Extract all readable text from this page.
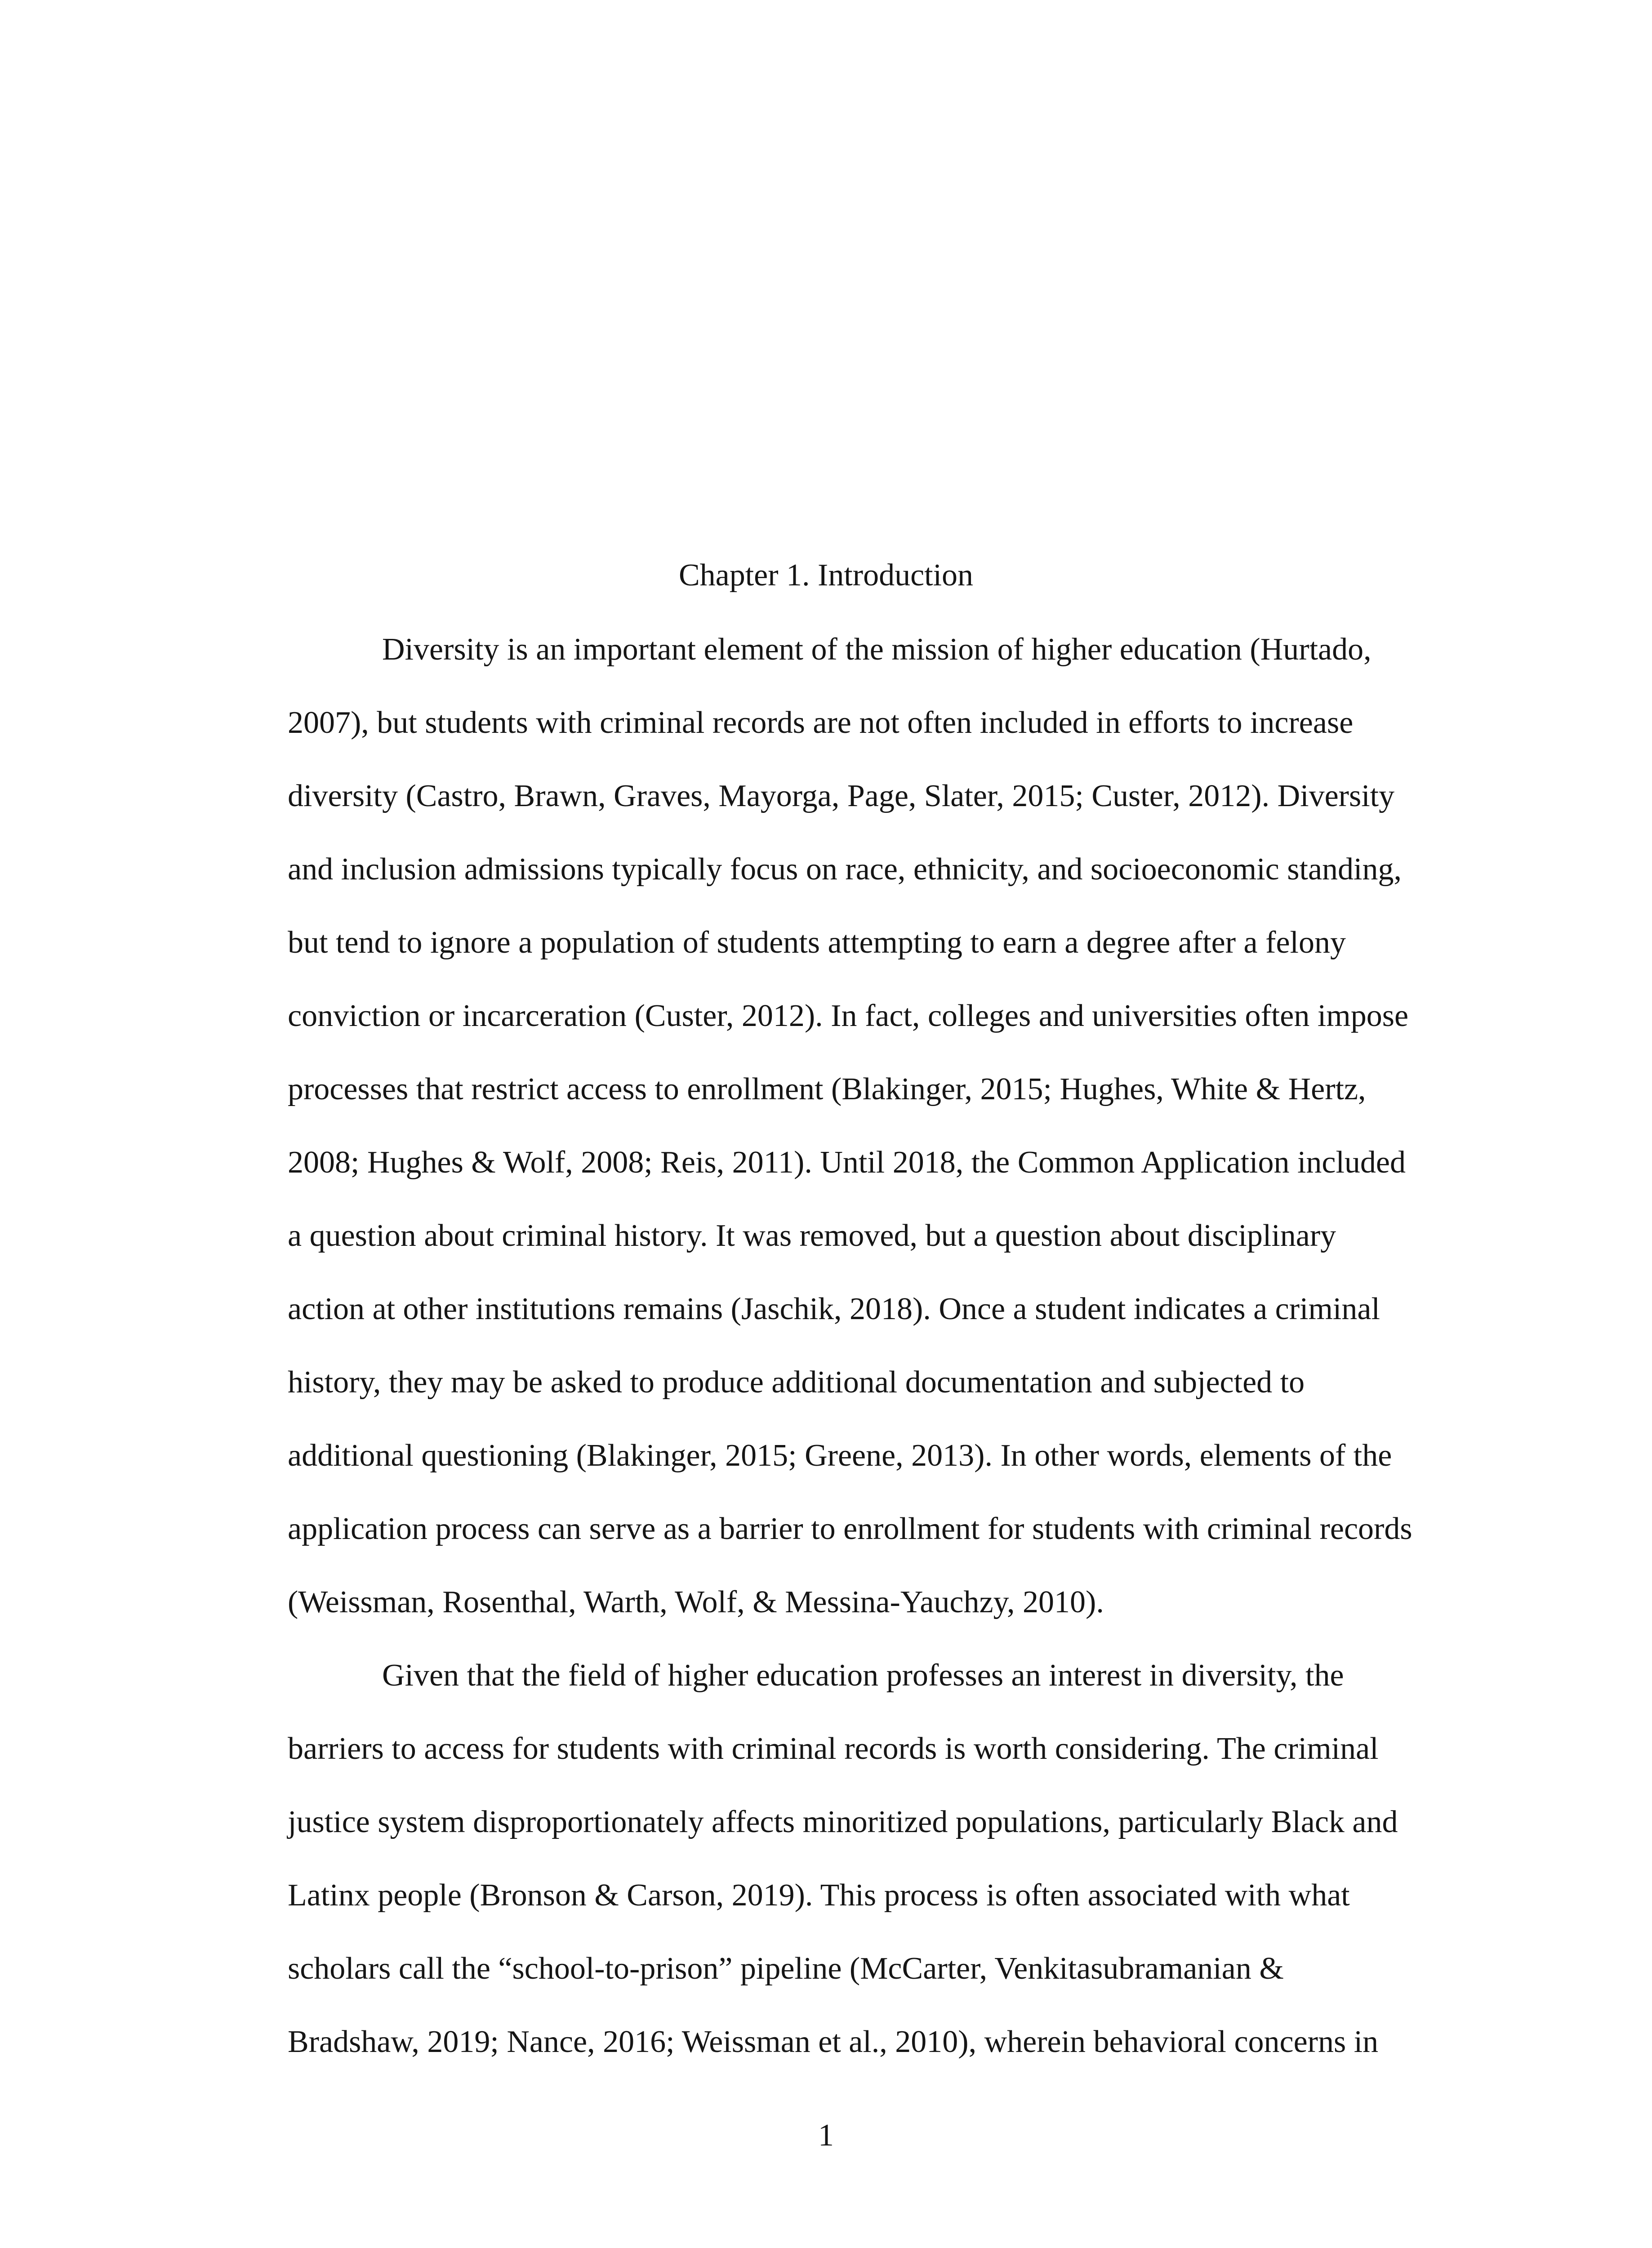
Chapter 1. Introduction

Diversity is an important element of the mission of higher education (Hurtado,

2007), but students with criminal records are not often included in efforts to increase

diversity (Castro, Brawn, Graves, Mayorga, Page, Slater, 2015; Custer, 2012). Diversity

and inclusion admissions typically focus on race, ethnicity, and socioeconomic standing,

but tend to ignore a population of students attempting to earn a degree after a felony

conviction or incarceration (Custer, 2012). In fact, colleges and universities often impose

processes that restrict access to enrollment (Blakinger, 2015; Hughes, White & Hertz,

2008; Hughes & Wolf, 2008; Reis, 2011). Until 2018, the Common Application included

a question about criminal history. It was removed, but a question about disciplinary

action at other institutions remains (Jaschik, 2018). Once a student indicates a criminal

history, they may be asked to produce additional documentation and subjected to

additional questioning (Blakinger, 2015; Greene, 2013). In other words, elements of the

application process can serve as a barrier to enrollment for students with criminal records

(Weissman, Rosenthal, Warth, Wolf, & Messina-Yauchzy, 2010).

Given that the field of higher education professes an interest in diversity, the

barriers to access for students with criminal records is worth considering. The criminal

justice system disproportionately affects minoritized populations, particularly Black and

Latinx people (Bronson & Carson, 2019). This process is often associated with what

scholars call the “school-to-prison” pipeline (McCarter, Venkitasubramanian &

Bradshaw, 2019; Nance, 2016; Weissman et al., 2010), wherein behavioral concerns in

1
